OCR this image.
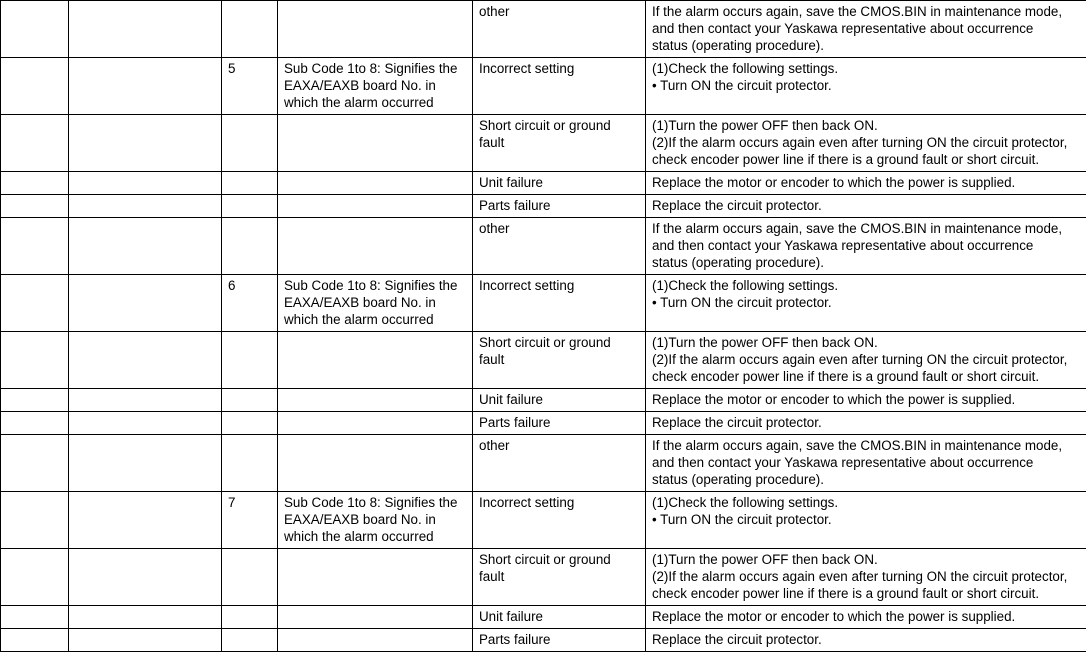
				other	If the alarm occurs again, save the CMOS.BIN in maintenance mode,
and then contact your Yaskawa representative about occurrence
status (operating procedure).

		5	Sub Code 1to 8: Signifies the
EAXA/EAXB board No. in
which the alarm occurred	Incorrect setting	(1)Check the following settings.
• Turn ON the circuit protector.

				Short circuit or ground
fault	(1)Turn the power OFF then back ON.
(2)If the alarm occurs again even after turning ON the circuit protector,
check encoder power line if there is a ground fault or short circuit.

				Unit failure	Replace the motor or encoder to which the power is supplied.

				Parts failure	Replace the circuit protector.

				other	If the alarm occurs again, save the CMOS.BIN in maintenance mode,
and then contact your Yaskawa representative about occurrence
status (operating procedure).

		6	Sub Code 1to 8: Signifies the
EAXA/EAXB board No. in
which the alarm occurred	Incorrect setting	(1)Check the following settings.
• Turn ON the circuit protector.

				Short circuit or ground
fault	(1)Turn the power OFF then back ON.
(2)If the alarm occurs again even after turning ON the circuit protector,
check encoder power line if there is a ground fault or short circuit.

				Unit failure	Replace the motor or encoder to which the power is supplied.

				Parts failure	Replace the circuit protector.

				other	If the alarm occurs again, save the CMOS.BIN in maintenance mode,
and then contact your Yaskawa representative about occurrence
status (operating procedure).

		7	Sub Code 1to 8: Signifies the
EAXA/EAXB board No. in
which the alarm occurred	Incorrect setting	(1)Check the following settings.
• Turn ON the circuit protector.

				Short circuit or ground
fault	(1)Turn the power OFF then back ON.
(2)If the alarm occurs again even after turning ON the circuit protector,
check encoder power line if there is a ground fault or short circuit.

				Unit failure	Replace the motor or encoder to which the power is supplied.

				Parts failure	Replace the circuit protector.
